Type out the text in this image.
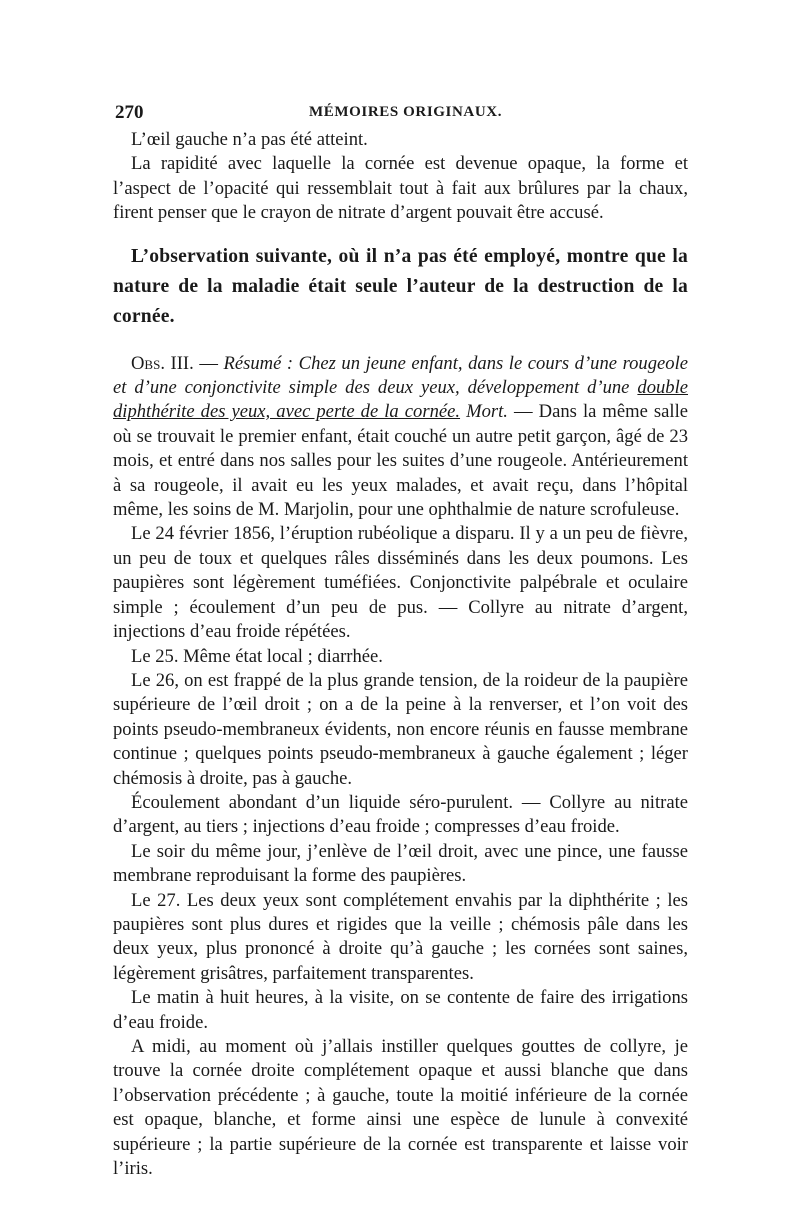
270	MÉMOIRES ORIGINAUX.

L’œil gauche n’a pas été atteint.

La rapidité avec laquelle la cornée est devenue opaque, la forme et l’aspect de l’opacité qui ressemblait tout à fait aux brûlures par la chaux, firent penser que le crayon de nitrate d’argent pouvait être accusé.

L’observation suivante, où il n’a pas été employé, montre que la nature de la maladie était seule l’auteur de la destruction de la cornée.

Obs. III. — Résumé : Chez un jeune enfant, dans le cours d’une rougeole et d’une conjonctivite simple des deux yeux, développement d’une double diphthérite des yeux, avec perte de la cornée. Mort. — Dans la même salle où se trouvait le premier enfant, était couché un autre petit garçon, âgé de 23 mois, et entré dans nos salles pour les suites d’une rougeole. Antérieurement à sa rougeole, il avait eu les yeux malades, et avait reçu, dans l’hôpital même, les soins de M. Marjolin, pour une ophthalmie de nature scrofuleuse.

Le 24 février 1856, l’éruption rubéolique a disparu. Il y a un peu de fièvre, un peu de toux et quelques râles disséminés dans les deux poumons. Les paupières sont légèrement tuméfiées. Conjonctivite palpébrale et oculaire simple ; écoulement d’un peu de pus. — Collyre au nitrate d’argent, injections d’eau froide répétées.

Le 25. Même état local ; diarrhée.

Le 26, on est frappé de la plus grande tension, de la roideur de la paupière supérieure de l’œil droit ; on a de la peine à la renverser, et l’on voit des points pseudo-membraneux évidents, non encore réunis en fausse membrane continue ; quelques points pseudo-membraneux à gauche également ; léger chémosis à droite, pas à gauche.

Écoulement abondant d’un liquide séro-purulent. — Collyre au nitrate d’argent, au tiers ; injections d’eau froide ; compresses d’eau froide.

Le soir du même jour, j’enlève de l’œil droit, avec une pince, une fausse membrane reproduisant la forme des paupières.

Le 27. Les deux yeux sont complétement envahis par la diphthérite ; les paupières sont plus dures et rigides que la veille ; chémosis pâle dans les deux yeux, plus prononcé à droite qu’à gauche ; les cornées sont saines, légèrement grisâtres, parfaitement transparentes.

Le matin à huit heures, à la visite, on se contente de faire des irrigations d’eau froide.

A midi, au moment où j’allais instiller quelques gouttes de collyre, je trouve la cornée droite complétement opaque et aussi blanche que dans l’observation précédente ; à gauche, toute la moitié inférieure de la cornée est opaque, blanche, et forme ainsi une espèce de lunule à convexité supérieure ; la partie supérieure de la cornée est transparente et laisse voir l’iris.
